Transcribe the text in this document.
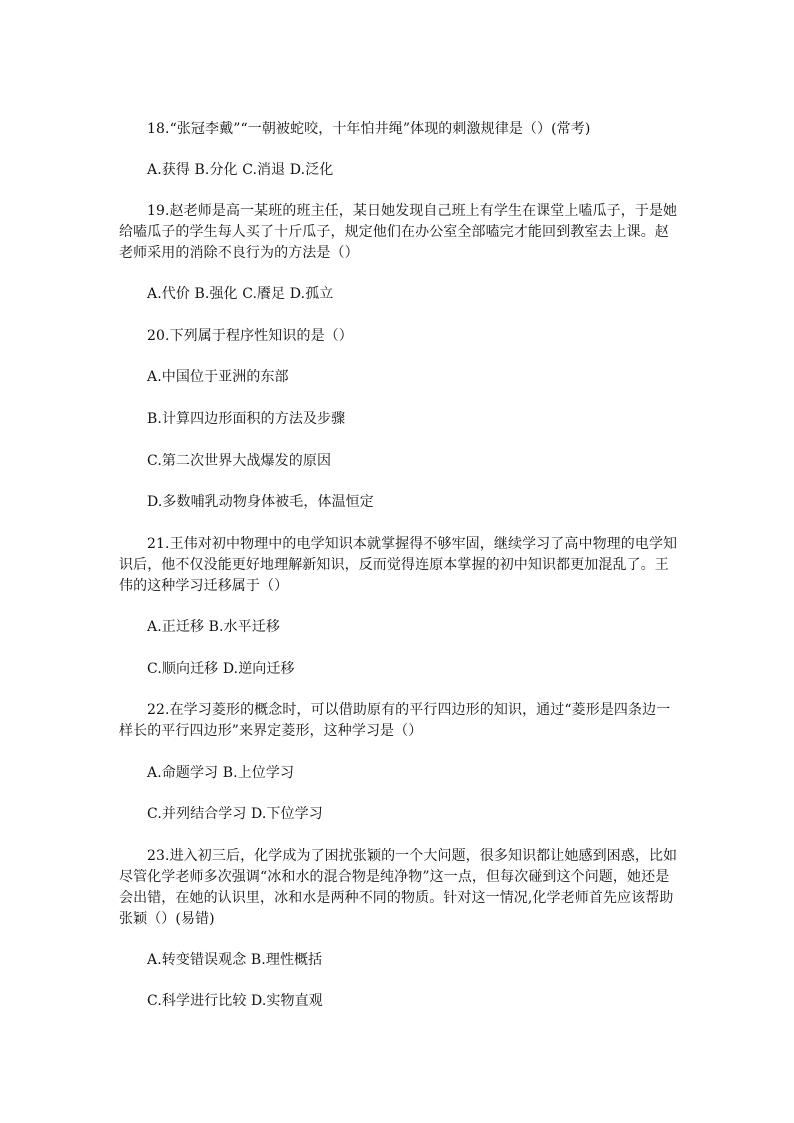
18.“张冠李戴”“一朝被蛇咬，十年怕井绳”体现的刺激规律是（）(常考)
A.获得 B.分化 C.消退 D.泛化
19.赵老师是高一某班的班主任，某日她发现自己班上有学生在课堂上嗑瓜子，于是她给嗑瓜子的学生每人买了十斤瓜子，规定他们在办公室全部嗑完才能回到教室去上课。赵老师采用的消除不良行为的方法是（）
A.代价 B.强化 C.餍足 D.孤立
20.下列属于程序性知识的是（）
A.中国位于亚洲的东部
B.计算四边形面积的方法及步骤
C.第二次世界大战爆发的原因
D.多数哺乳动物身体被毛，体温恒定
21.王伟对初中物理中的电学知识本就掌握得不够牢固，继续学习了高中物理的电学知识后，他不仅没能更好地理解新知识，反而觉得连原本掌握的初中知识都更加混乱了。王伟的这种学习迁移属于（）
A.正迁移 B.水平迁移
C.顺向迁移 D.逆向迁移
22.在学习菱形的概念时，可以借助原有的平行四边形的知识，通过“菱形是四条边一样长的平行四边形”来界定菱形，这种学习是（）
A.命题学习 B.上位学习
C.并列结合学习 D.下位学习
23.进入初三后，化学成为了困扰张颖的一个大问题，很多知识都让她感到困惑，比如尽管化学老师多次强调“冰和水的混合物是纯净物”这一点，但每次碰到这个问题，她还是会出错，在她的认识里，冰和水是两种不同的物质。针对这一情况,化学老师首先应该帮助张颖（）(易错)
A.转变错误观念 B.理性概括
C.科学进行比较 D.实物直观
